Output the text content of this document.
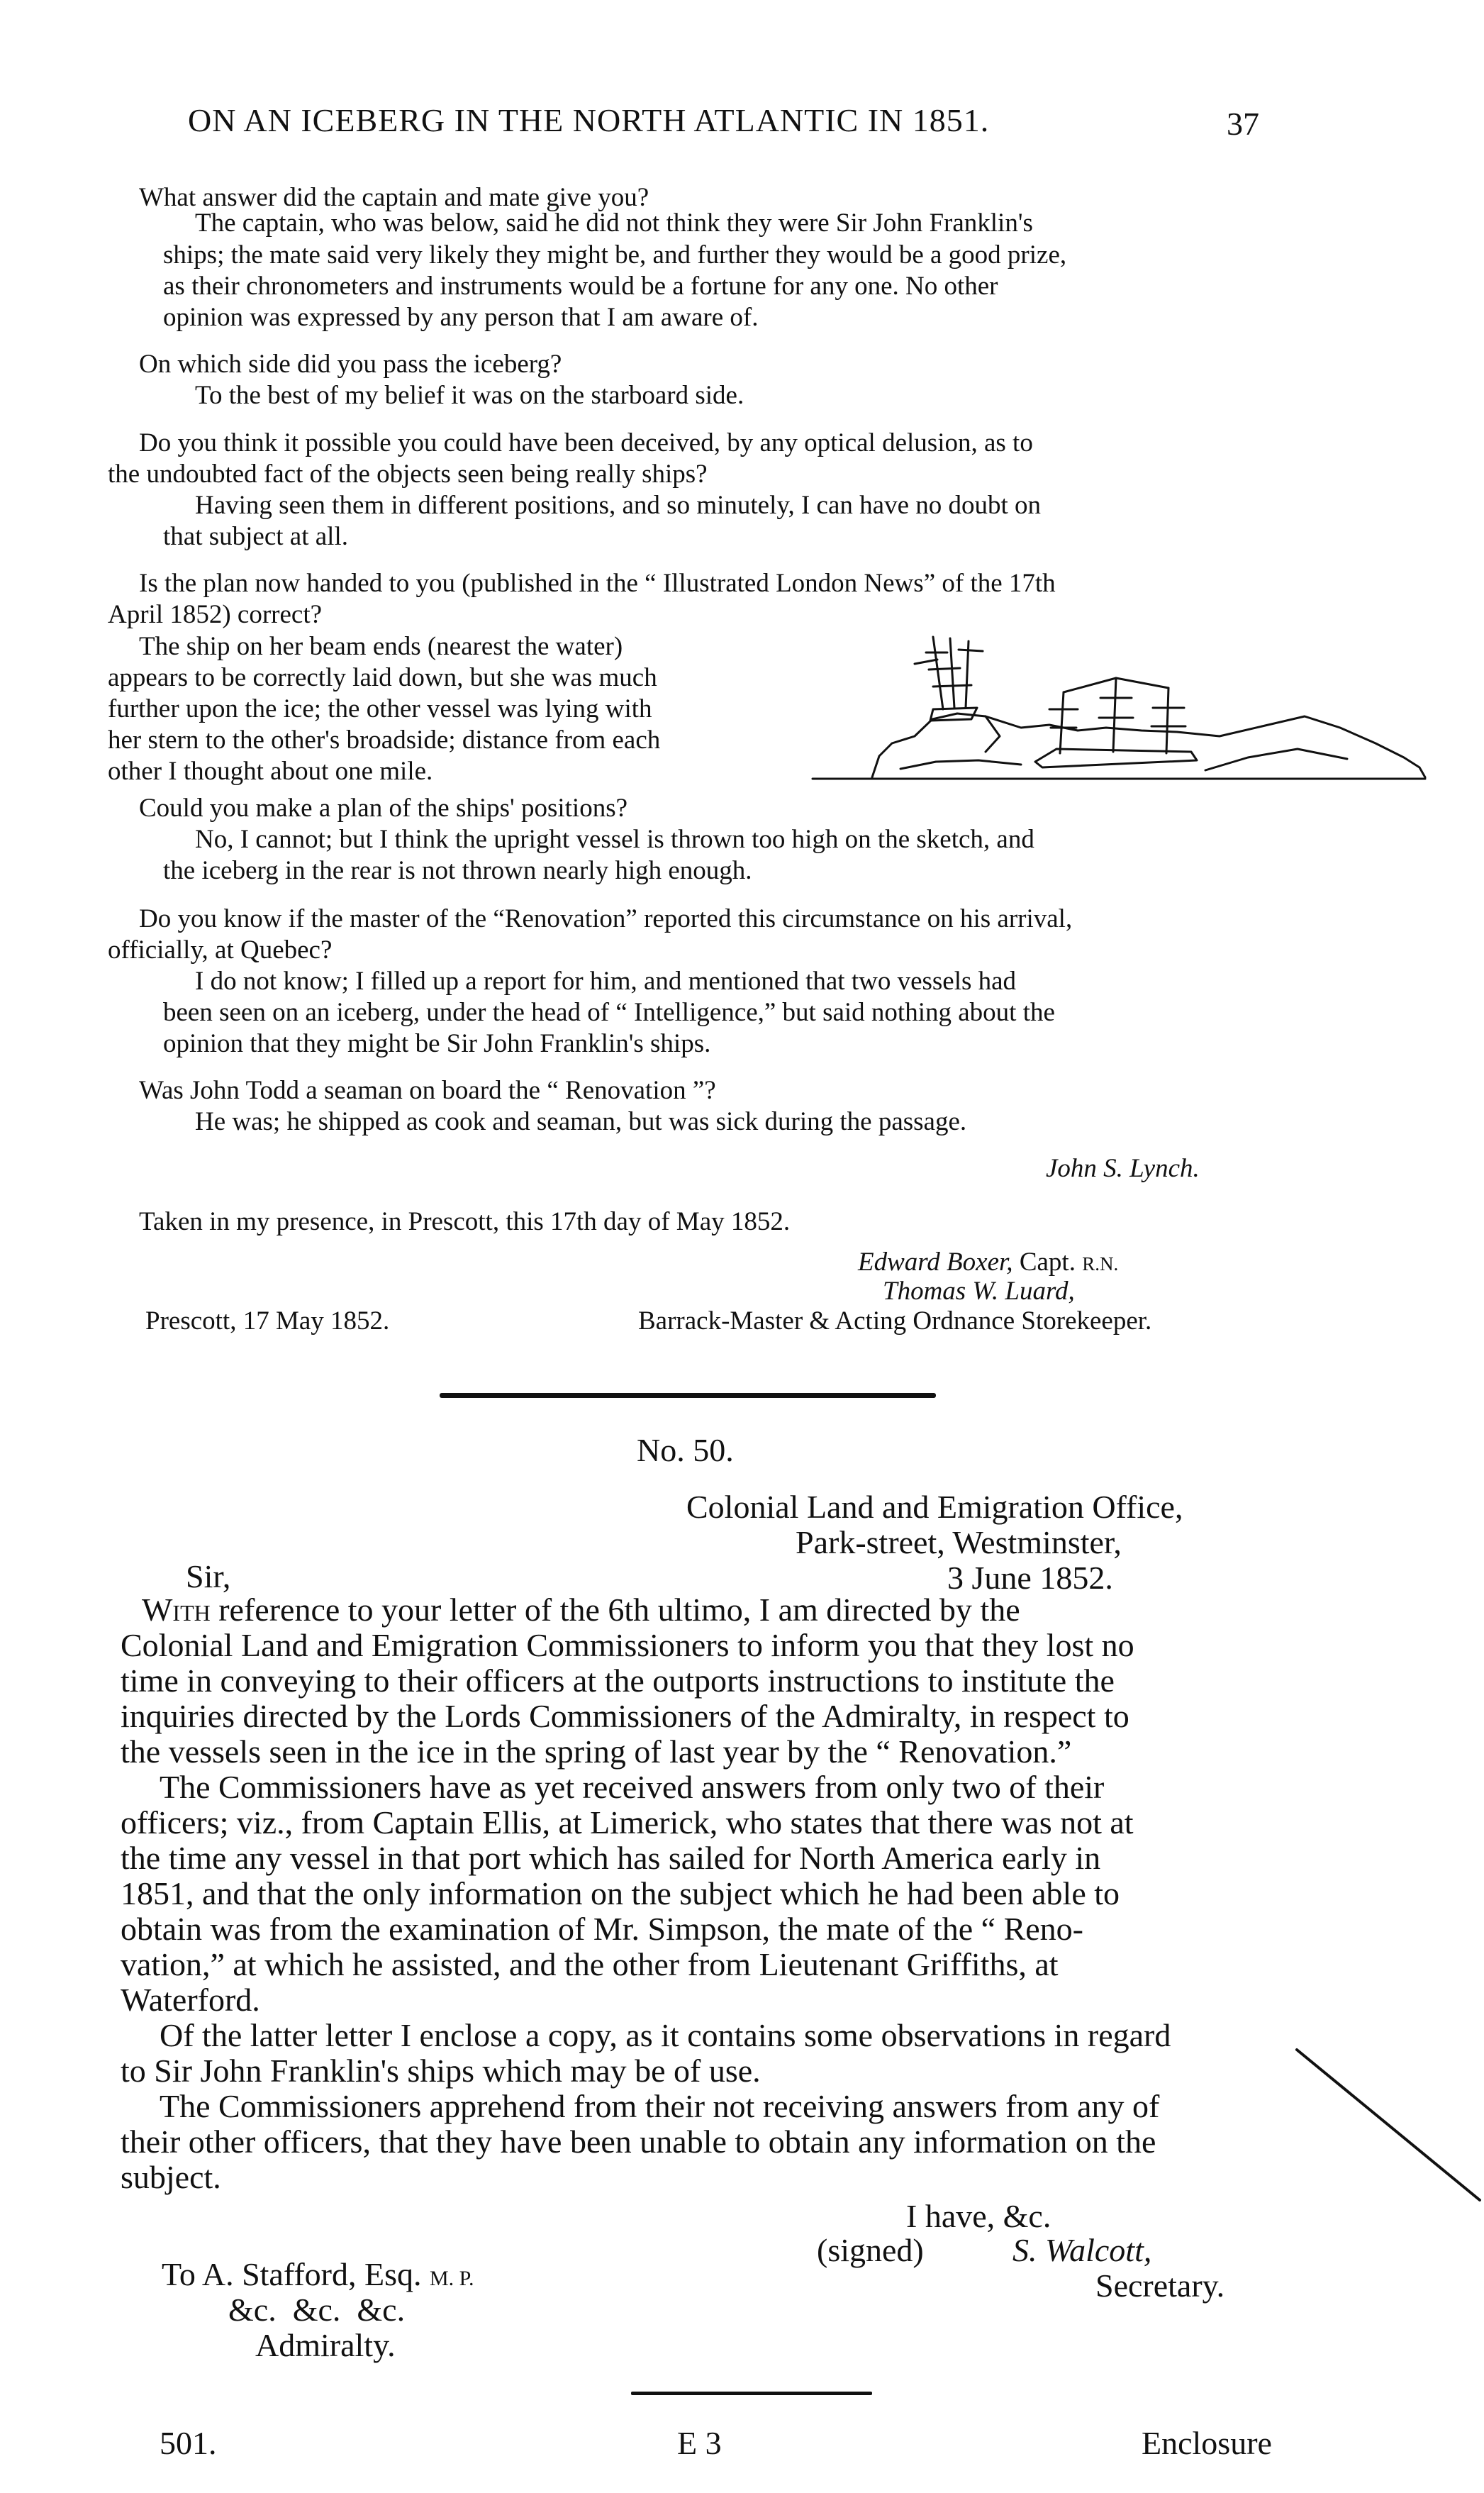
ON AN ICEBERG IN THE NORTH ATLANTIC IN 1851.	37
What answer did the captain and mate give you?
The captain, who was below, said he did not think they were Sir John Franklin's
ships; the mate said very likely they might be, and further they would be a good prize,
as their chronometers and instruments would be a fortune for any one. No other
opinion was expressed by any person that I am aware of.
On which side did you pass the iceberg?
To the best of my belief it was on the starboard side.
Do you think it possible you could have been deceived, by any optical delusion, as to
the undoubted fact of the objects seen being really ships?
Having seen them in different positions, and so minutely, I can have no doubt on
that subject at all.
Is the plan now handed to you (published in the “ Illustrated London News” of the 17th
April 1852) correct?
The ship on her beam ends (nearest the water)
appears to be correctly laid down, but she was much
further upon the ice; the other vessel was lying with
her stern to the other's broadside; distance from each
other I thought about one mile.
Could you make a plan of the ships' positions?
No, I cannot; but I think the upright vessel is thrown too high on the sketch, and
the iceberg in the rear is not thrown nearly high enough.
Do you know if the master of the “Renovation” reported this circumstance on his arrival,
officially, at Quebec?
I do not know; I filled up a report for him, and mentioned that two vessels had
been seen on an iceberg, under the head of “ Intelligence,” but said nothing about the
opinion that they might be Sir John Franklin's ships.
Was John Todd a seaman on board the “ Renovation ”?
He was; he shipped as cook and seaman, but was sick during the passage.
John S. Lynch.
Taken in my presence, in Prescott, this 17th day of May 1852.
Edward Boxer, Capt. R.N.
Thomas W. Luard,
Prescott, 17 May 1852.	Barrack-Master & Acting Ordnance Storekeeper.
No. 50.
Colonial Land and Emigration Office,
Park-street, Westminster,
Sir,	3 June 1852.
With reference to your letter of the 6th ultimo, I am directed by the
Colonial Land and Emigration Commissioners to inform you that they lost no
time in conveying to their officers at the outports instructions to institute the
inquiries directed by the Lords Commissioners of the Admiralty, in respect to
the vessels seen in the ice in the spring of last year by the “ Renovation.”
The Commissioners have as yet received answers from only two of their
officers; viz., from Captain Ellis, at Limerick, who states that there was not at
the time any vessel in that port which has sailed for North America early in
1851, and that the only information on the subject which he had been able to
obtain was from the examination of Mr. Simpson, the mate of the “ Reno-
vation,” at which he assisted, and the other from Lieutenant Griffiths, at
Waterford.
Of the latter letter I enclose a copy, as it contains some observations in regard
to Sir John Franklin's ships which may be of use.
The Commissioners apprehend from their not receiving answers from any of
their other officers, that they have been unable to obtain any information on the
subject.
I have, &c.
(signed)	S. Walcott,
Secretary.
To A. Stafford, Esq. M. P.
&c.  &c.  &c.
Admiralty.
501.	E 3	Enclosure
